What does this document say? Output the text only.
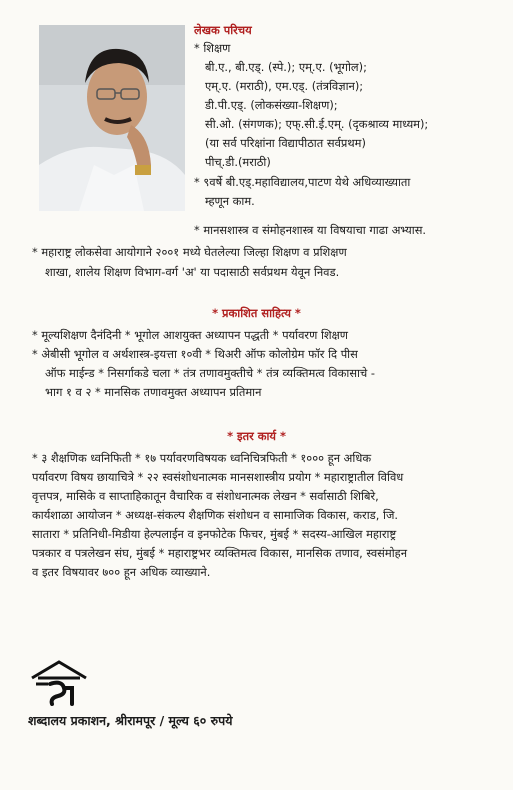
लेखक परिचय
* शिक्षण
बी.ए., बी.एड्. (स्पे.); एम्.ए. (भूगोल);
एम्.ए. (मराठी), एम.एड्. (तंत्रविज्ञान);
डी.पी.एड्. (लोकसंख्या-शिक्षण);
सी.ओ. (संगणक); एफ्.सी.ई.एम्. (दृकश्राव्य माध्यम);
(या सर्व परिक्षांना विद्यापीठात सर्वप्रथम)
पीच्.डी.(मराठी)
* ९वर्षे बी.एड्.महाविद्यालय,पाटण येथे अधिव्याख्याता
म्हणून काम.
* मानसशास्त्र व संमोहनशास्त्र या विषयाचा गाढा अभ्यास.
* महाराष्ट्र लोकसेवा आयोगाने २००१ मध्ये घेतलेल्या जिल्हा शिक्षण व प्रशिक्षण
शाखा, शालेय शिक्षण विभाग-वर्ग 'अ' या पदासाठी सर्वप्रथम येवून निवड.
* प्रकाशित साहित्य *
* मूल्यशिक्षण दैनंदिनी * भूगोल आशयुक्त अध्यापन पद्धती * पर्यावरण शिक्षण
* अेबीसी भूगोल व अर्थशास्त्र-इयत्ता १०वी * थिअरी ऑफ कोलोग्रेम फॉर दि पीस
ऑफ माईन्ड * निसर्गाकडे चला * तंत्र तणावमुक्तीचे * तंत्र व्यक्तिमत्व विकासाचे -
भाग १ व २ * मानसिक तणावमुक्त अध्यापन प्रतिमान
* इतर कार्य *
* ३ शैक्षणिक ध्वनिफिती * १७ पर्यावरणविषयक ध्वनिचित्रफिती * १००० हून अधिक
पर्यावरण विषय छायाचित्रे * २२ स्वसंशोधनात्मक मानसशास्त्रीय प्रयोग * महाराष्ट्रातील विविध
वृत्तपत्र, मासिके व साप्ताहिकातून वैचारिक व संशोधनात्मक लेखन * सर्वासाठी शिबिरे,
कार्यशाळा आयोजन * अध्यक्ष-संकल्प शैक्षणिक संशोधन व सामाजिक विकास, कराड, जि.
सातारा * प्रतिनिधी-मिडीया हेल्पलाईन व इनफोटेक फिचर, मुंबई * सदस्य-आखिल महाराष्ट्र
पत्रकार व पत्रलेखन संघ, मुंबई * महाराष्ट्रभर व्यक्तिमत्व विकास, मानसिक तणाव, स्वसंमोहन
व इतर विषयावर ७०० हून अधिक व्याख्याने.
शब्दालय प्रकाशन, श्रीरामपूर / मूल्य ६० रुपये
